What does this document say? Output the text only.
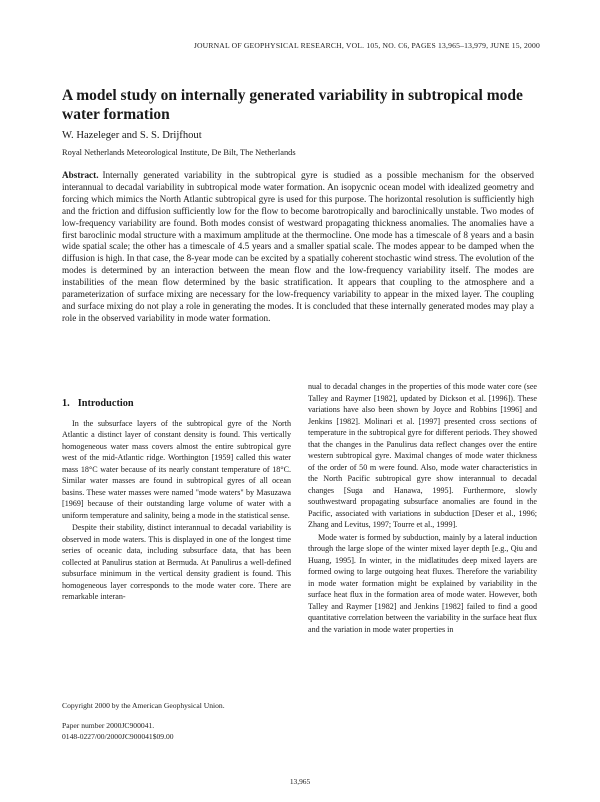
JOURNAL OF GEOPHYSICAL RESEARCH, VOL. 105, NO. C6, PAGES 13,965–13,979, JUNE 15, 2000
A model study on internally generated variability in subtropical mode water formation
W. Hazeleger and S. S. Drijfhout
Royal Netherlands Meteorological Institute, De Bilt, The Netherlands

Abstract. Internally generated variability in the subtropical gyre is studied as a possible mechanism for the observed interannual to decadal variability in subtropical mode water formation. An isopycnic ocean model with idealized geometry and forcing which mimics the North Atlantic subtropical gyre is used for this purpose. The horizontal resolution is sufficiently high and the friction and diffusion sufficiently low for the flow to become barotropically and baroclinically unstable. Two modes of low-frequency variability are found. Both modes consist of westward propagating thickness anomalies. The anomalies have a first baroclinic modal structure with a maximum amplitude at the thermocline. One mode has a timescale of 8 years and a basin wide spatial scale; the other has a timescale of 4.5 years and a smaller spatial scale. The modes appear to be damped when the diffusion is high. In that case, the 8-year mode can be excited by a spatially coherent stochastic wind stress. The evolution of the modes is determined by an interaction between the mean flow and the low-frequency variability itself. The modes are instabilities of the mean flow determined by the basic stratification. It appears that coupling to the atmosphere and a parameterization of surface mixing are necessary for the low-frequency variability to appear in the mixed layer. The coupling and surface mixing do not play a role in generating the modes. It is concluded that these internally generated modes may play a role in the observed variability in mode water formation.

1. Introduction

In the subsurface layers of the subtropical gyre of the North Atlantic a distinct layer of constant density is found. This vertically homogeneous water mass covers almost the entire subtropical gyre west of the mid-Atlantic ridge. Worthington [1959] called this water mass 18°C water because of its nearly constant temperature of 18°C. Similar water masses are found in subtropical gyres of all ocean basins. These water masses were named "mode waters" by Masuzawa [1969] because of their outstanding large volume of water with a uniform temperature and salinity, being a mode in the statistical sense.

Despite their stability, distinct interannual to decadal variability is observed in mode waters. This is displayed in one of the longest time series of oceanic data, including subsurface data, that has been collected at Panulirus station at Bermuda. At Panulirus a well-defined subsurface minimum in the vertical density gradient is found. This homogeneous layer corresponds to the mode water core. There are remarkable interan-

Copyright 2000 by the American Geophysical Union.
Paper number 2000JC900041.
0148-0227/00/2000JC900041$09.00

nual to decadal changes in the properties of this mode water core (see Talley and Raymer [1982], updated by Dickson et al. [1996]). These variations have also been shown by Joyce and Robbins [1996] and Jenkins [1982]. Molinari et al. [1997] presented cross sections of temperature in the subtropical gyre for different periods. They showed that the changes in the Panulirus data reflect changes over the entire western subtropical gyre. Maximal changes of mode water thickness of the order of 50 m were found. Also, mode water characteristics in the North Pacific subtropical gyre show interannual to decadal changes [Suga and Hanawa, 1995]. Furthermore, slowly southwestward propagating subsurface anomalies are found in the Pacific, associated with variations in subduction [Deser et al., 1996; Zhang and Levitus, 1997; Tourre et al., 1999].

Mode water is formed by subduction, mainly by a lateral induction through the large slope of the winter mixed layer depth [e.g., Qiu and Huang, 1995]. In winter, in the midlatitudes deep mixed layers are formed owing to large outgoing heat fluxes. Therefore the variability in mode water formation might be explained by variability in the surface heat flux in the formation area of mode water. However, both Talley and Raymer [1982] and Jenkins [1982] failed to find a good quantitative correlation between the variability in the surface heat flux and the variation in mode water properties in

13,965
